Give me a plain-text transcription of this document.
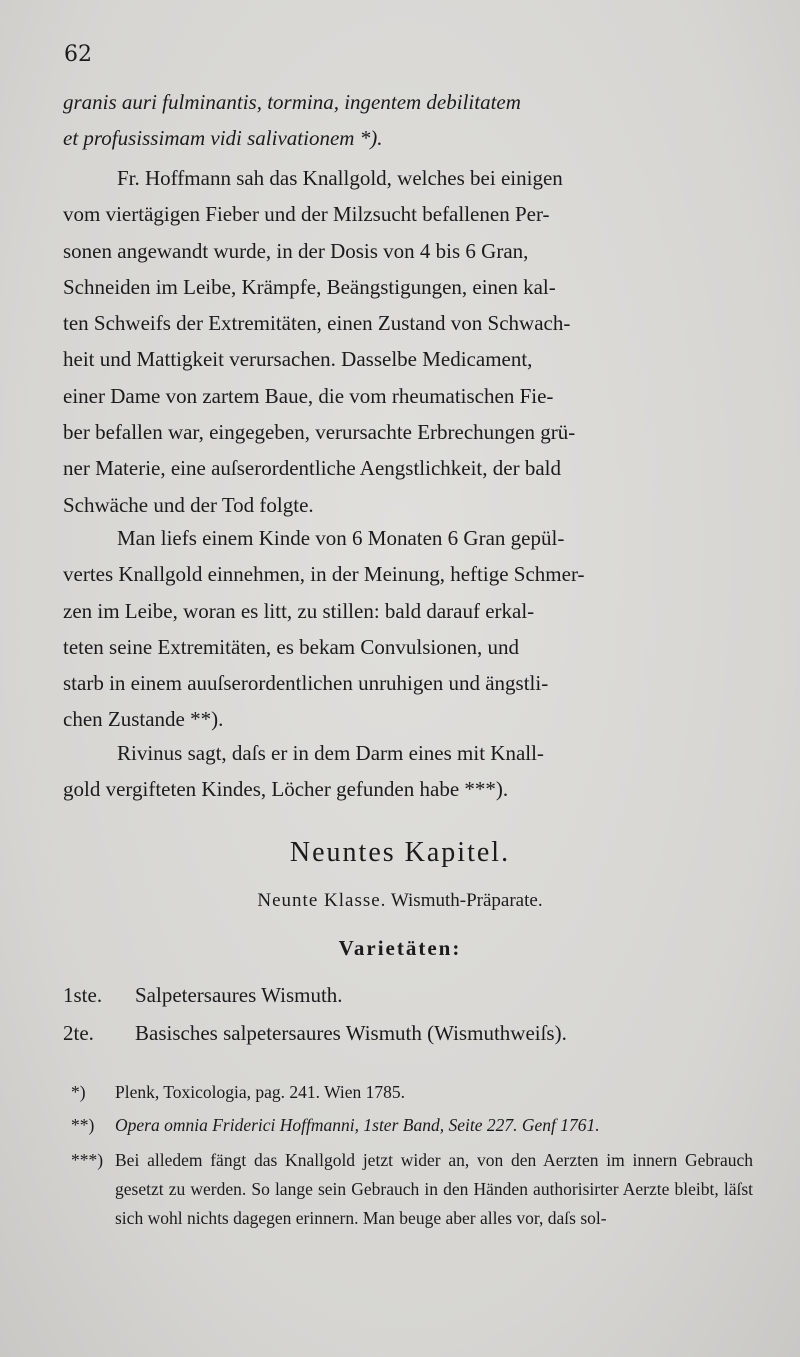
62
granis auri fulminantis, tormina, ingentem debilitatem
et profusissimam vidi salivationem *).
Fr. Hoffmann sah das Knallgold, welches bei einigen
vom viertägigen Fieber und der Milzsucht befallenen Per-
sonen angewandt wurde, in der Dosis von 4 bis 6 Gran,
Schneiden im Leibe, Krämpfe, Beängstigungen, einen kal-
ten Schweifs der Extremitäten, einen Zustand von Schwach-
heit und Mattigkeit verursachen. Dasselbe Medicament,
einer Dame von zartem Baue, die vom rheumatischen Fie-
ber befallen war, eingegeben, verursachte Erbrechungen grü-
ner Materie, eine auſserordentliche Aengstlichkeit, der bald
Schwäche und der Tod folgte.
Man liefs einem Kinde von 6 Monaten 6 Gran gepül-
vertes Knallgold einnehmen, in der Meinung, heftige Schmer-
zen im Leibe, woran es litt, zu stillen: bald darauf erkal-
teten seine Extremitäten, es bekam Convulsionen, und
starb in einem auuſserordentlichen unruhigen und ängstli-
chen Zustande **).
Rivinus sagt, daſs er in dem Darm eines mit Knall-
gold vergifteten Kindes, Löcher gefunden habe ***).
Neuntes Kapitel.
Neunte Klasse. Wismuth-Präparate.
Varietäten:
1ste. Salpetersaures Wismuth.
2te. Basisches salpetersaures Wismuth (Wismuthweiſs).
*) Plenk, Toxicologia, pag. 241. Wien 1785.
**) Opera omnia Friderici Hoffmanni, 1ster Band, Seite 227. Genf 1761.
***) Bei alledem fängt das Knallgold jetzt wider an, von den Aerzten im innern Gebrauch gesetzt zu werden. So lange sein Gebrauch in den Händen authorisirter Aerzte bleibt, läſst sich wohl nichts dagegen erinnern. Man beuge aber alles vor, daſs sol-
